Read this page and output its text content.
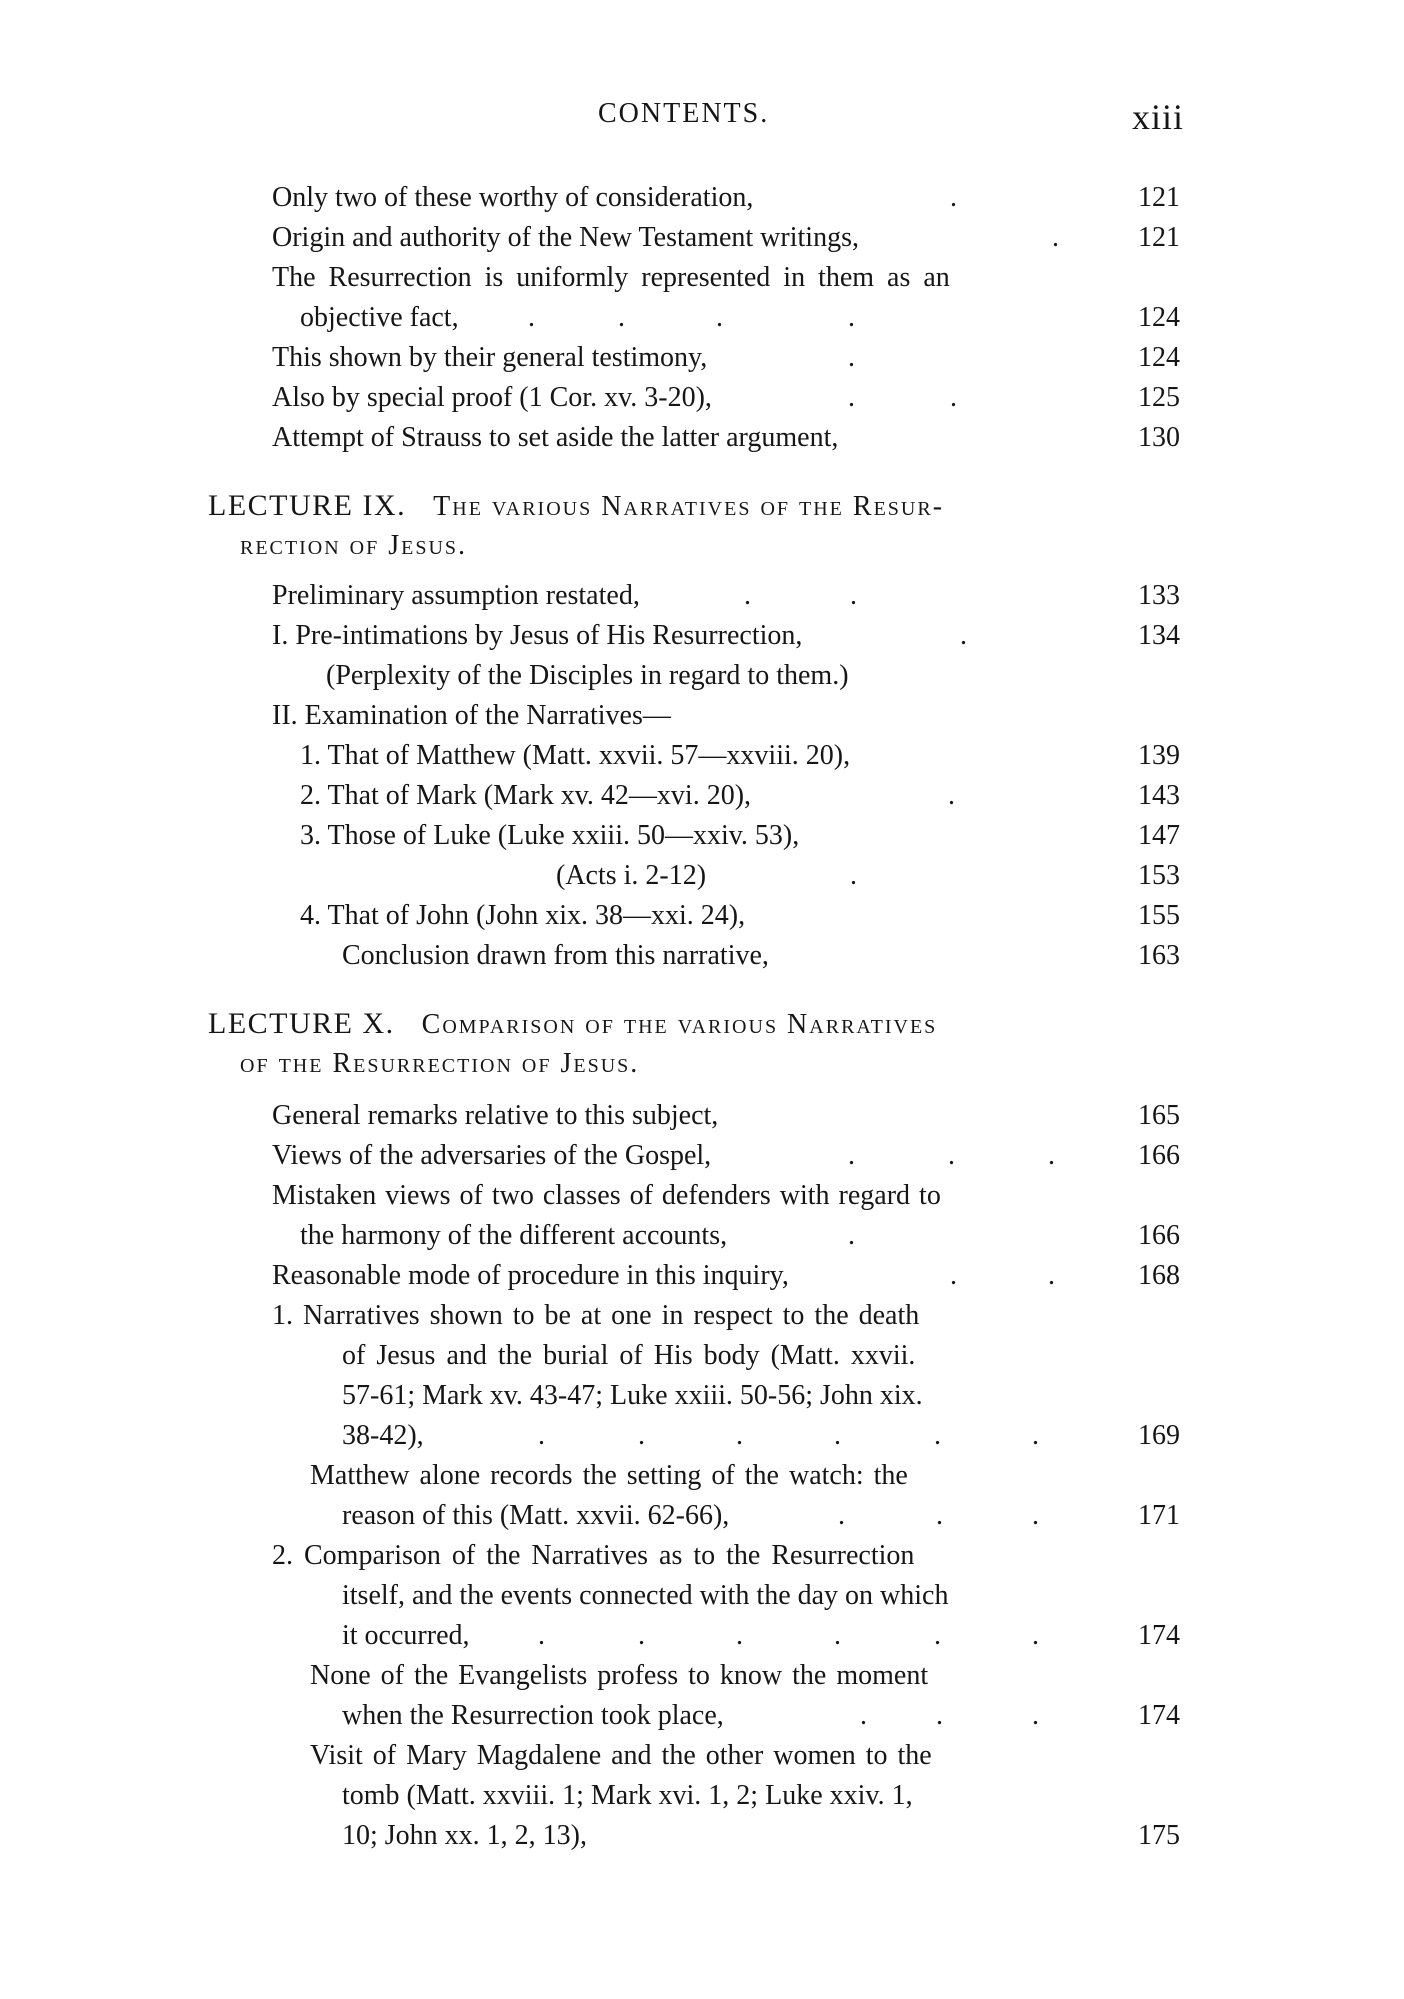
CONTENTS.	xiii
Only two of these worthy of consideration,	.	121
Origin and authority of the New Testament writings,	.	121
The Resurrection is uniformly represented in them as an
objective fact, .	.	.	.	124
This shown by their general testimony,	.	124
Also by special proof (1 Cor. xv. 3-20),	.	.	125
Attempt of Strauss to set aside the latter argument,	130
LECTURE IX. The various Narratives of the Resur-
rection of Jesus.
Preliminary assumption restated,	.	.	133
I. Pre-intimations by Jesus of His Resurrection,	.	134
(Perplexity of the Disciples in regard to them.)
II. Examination of the Narratives—
1. That of Matthew (Matt. xxvii. 57—xxviii. 20),	139
2. That of Mark (Mark xv. 42—xvi. 20),	.	143
3. Those of Luke (Luke xxiii. 50—xxiv. 53),	147
(Acts i. 2-12)	.	153
4. That of John (John xix. 38—xxi. 24),	155
Conclusion drawn from this narrative,	163
LECTURE X. Comparison of the various Narratives
of the Resurrection of Jesus.
General remarks relative to this subject,	165
Views of the adversaries of the Gospel,	.	.	.	166
Mistaken views of two classes of defenders with regard to
the harmony of the different accounts,	.	166
Reasonable mode of procedure in this inquiry,	.	.	168
1. Narratives shown to be at one in respect to the death
of Jesus and the burial of His body (Matt. xxvii.
57-61; Mark xv. 43-47; Luke xxiii. 50-56; John xix.
38-42),	.	.	.	.	.	.	169
Matthew alone records the setting of the watch: the
reason of this (Matt. xxvii. 62-66),	.	.	.	171
2. Comparison of the Narratives as to the Resurrection
itself, and the events connected with the day on which
it occurred, .	.	.	.	.	.	174
None of the Evangelists profess to know the moment
when the Resurrection took place,	. .	.	174
Visit of Mary Magdalene and the other women to the
tomb (Matt. xxviii. 1; Mark xvi. 1, 2; Luke xxiv. 1,
10; John xx. 1, 2, 13),	175
